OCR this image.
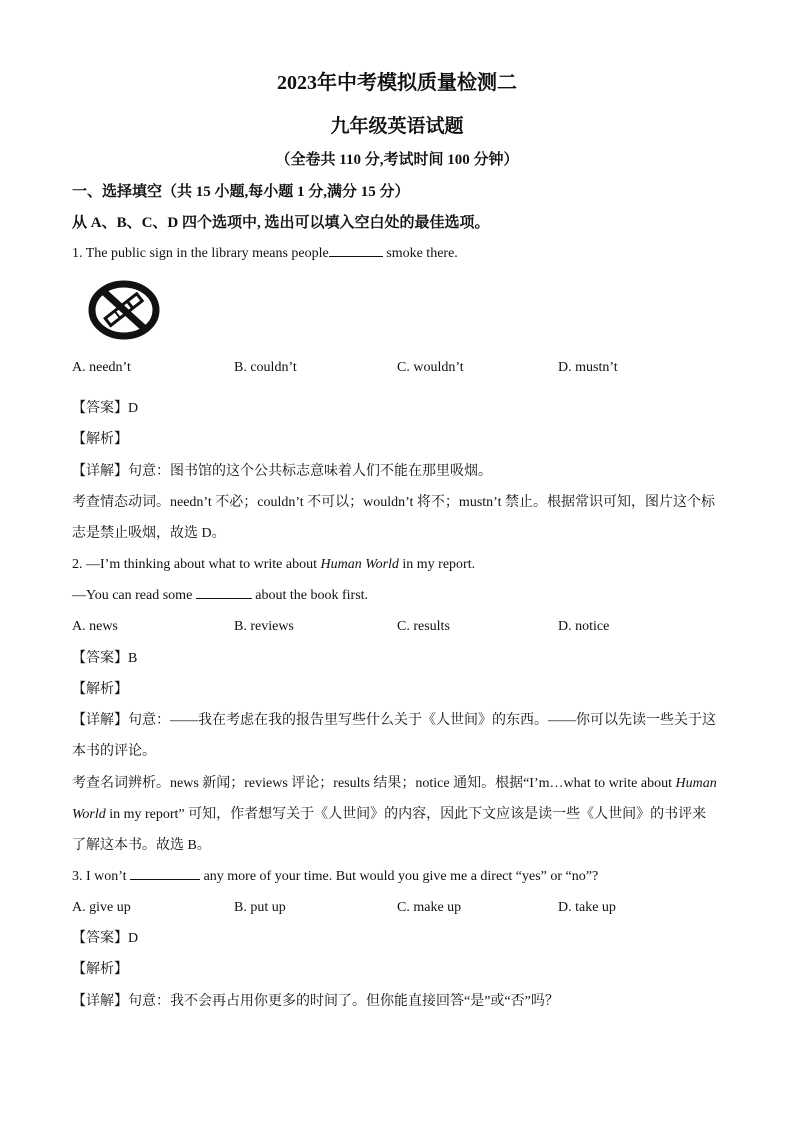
2023年中考模拟质量检测二
九年级英语试题
（全卷共 110 分,考试时间 100 分钟）
一、选择填空（共 15 小题,每小题 1 分,满分 15 分）
从 A、B、C、D 四个选项中, 选出可以填入空白处的最佳选项。
1. The public sign in the library means people	smoke there.
A. needn’t	B. couldn’t	C. wouldn’t	D. mustn’t
【答案】D
【解析】
【详解】句意：图书馆的这个公共标志意味着人们不能在那里吸烟。
考查情态动词。needn’t 不必；couldn’t 不可以；wouldn’t 将不；mustn’t 禁止。根据常识可知，图片这个标
志是禁止吸烟，故选 D。
2. —I’m thinking about what to write about Human World in my report.
—You can read some	about the book first.
A. news	B. reviews	C. results	D. notice
【答案】B
【解析】
【详解】句意：——我在考虑在我的报告里写些什么关于《人世间》的东西。——你可以先读一些关于这
本书的评论。
考查名词辨析。news 新闻；reviews 评论；results 结果；notice 通知。根据“I’m…what to write about Human
World in my report” 可知，作者想写关于《人世间》的内容，因此下文应该是读一些《人世间》的书评来
了解这本书。故选 B。
3. I won’t	any more of your time. But would you give me a direct “yes” or “no”?
A. give up	B. put up	C. make up	D. take up
【答案】D
【解析】
【详解】句意：我不会再占用你更多的时间了。但你能直接回答“是”或“否”吗？
